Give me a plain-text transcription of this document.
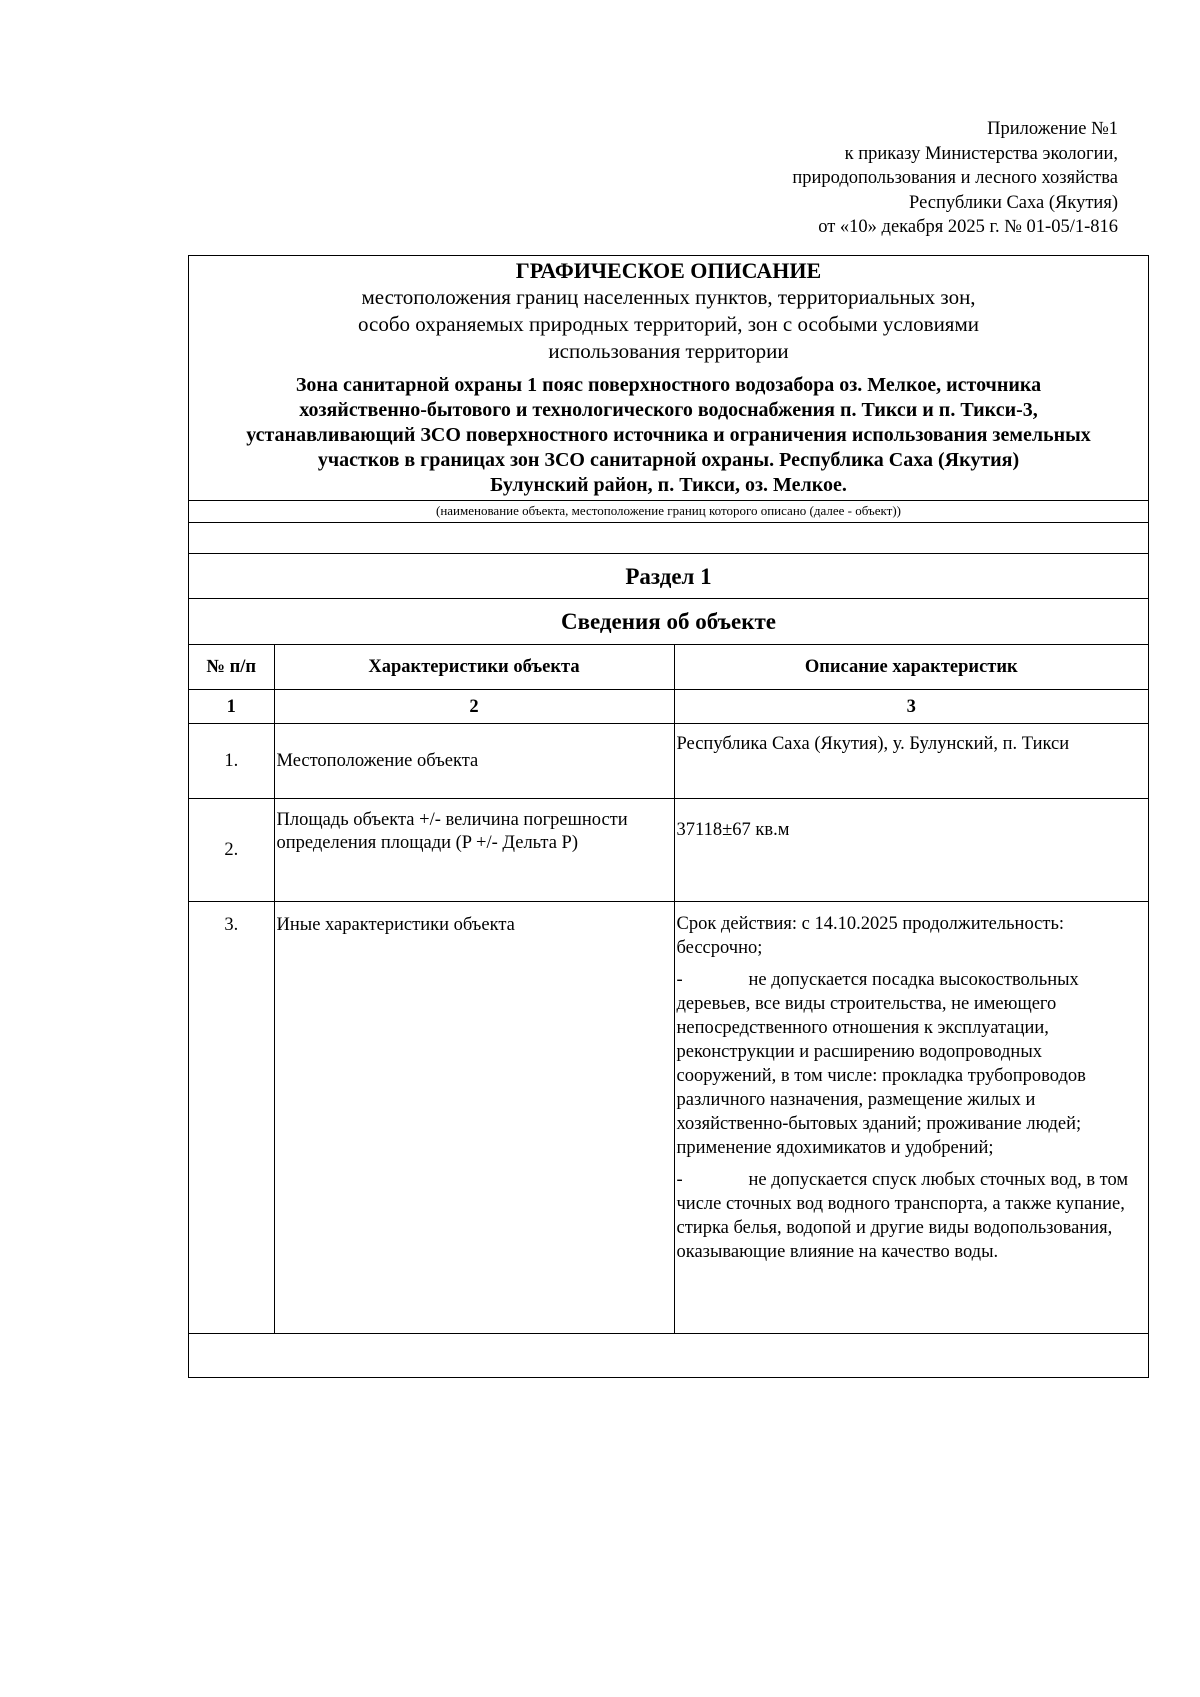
Приложение №1
к приказу Министерства экологии,
природопользования и лесного хозяйства
Республики Саха (Якутия)
от «10» декабря 2025 г. № 01-05/1-816
ГРАФИЧЕСКОЕ ОПИСАНИЕ
местоположения границ населенных пунктов, территориальных зон,
особо охраняемых природных территорий, зон с особыми условиями
использования территории
Зона санитарной охраны 1 пояс поверхностного водозабора оз. Мелкое, источника
хозяйственно-бытового и технологического водоснабжения п. Тикси и п. Тикси-3,
устанавливающий ЗСО поверхностного источника и ограничения использования земельных
участков в границах зон ЗСО санитарной охраны. Республика Саха (Якутия)
Булунский район, п. Тикси, оз. Мелкое.
(наименование объекта, местоположение границ которого описано (далее - объект))
Раздел 1
Сведения об объекте
№ п/п	Характеристики объекта	Описание характеристик
1	2	3
1.	Местоположение объекта	Республика Саха (Якутия), у. Булунский, п. Тикси
2.	Площадь объекта +/- величина погрешности определения площади (P +/- Дельта P)	37118±67 кв.м
3.	Иные характеристики объекта	Срок действия: с 14.10.2025 продолжительность: бессрочно;

- не допускается посадка высокоствольных деревьев, все виды строительства, не имеющего непосредственного отношения к эксплуатации, реконструкции и расширению водопроводных сооружений, в том числе: прокладка трубопроводов различного назначения, размещение жилых и хозяйственно-бытовых зданий; проживание людей; применение ядохимикатов и удобрений;

- не допускается спуск любых сточных вод, в том числе сточных вод водного транспорта, а также купание, стирка белья, водопой и другие виды водопользования, оказывающие влияние на качество воды.
